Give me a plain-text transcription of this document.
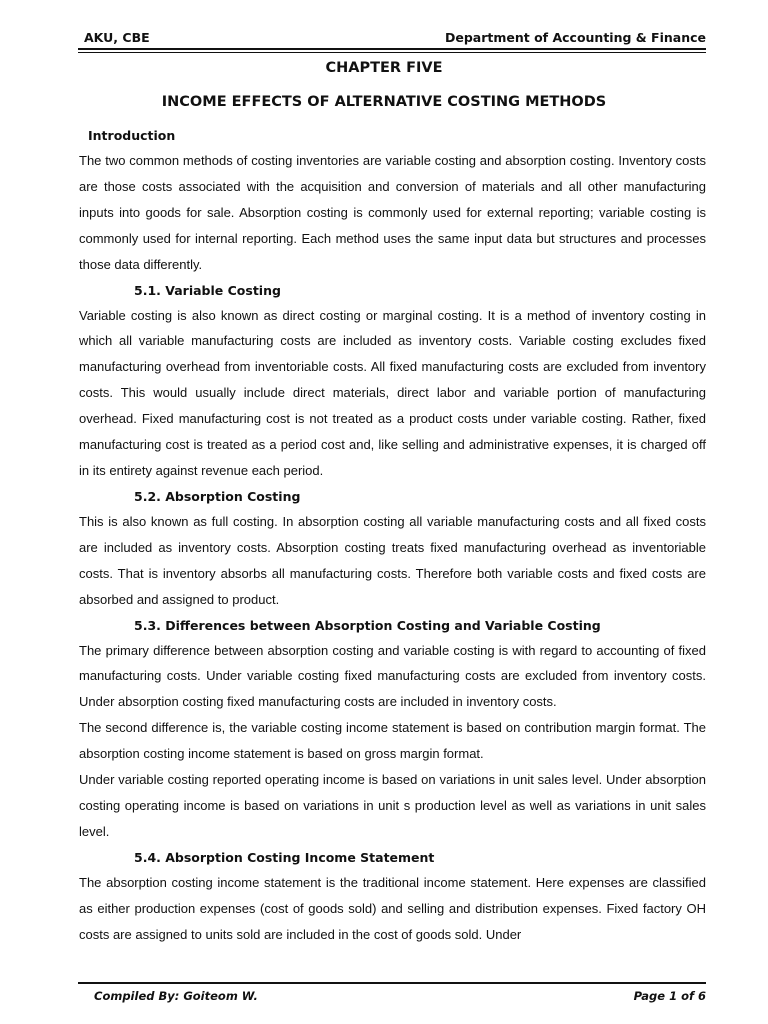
AKU, CBE	Department of Accounting & Finance
CHAPTER FIVE
INCOME EFFECTS OF ALTERNATIVE COSTING METHODS
Introduction

The two common methods of costing inventories are variable costing and absorption costing. Inventory costs are those costs associated with the acquisition and conversion of materials and all other manufacturing inputs into goods for sale. Absorption costing is commonly used for external reporting; variable costing is commonly used for internal reporting. Each method uses the same input data but structures and processes those data differently.

5.1. Variable Costing

Variable costing is also known as direct costing or marginal costing. It is a method of inventory costing in which all variable manufacturing costs are included as inventory costs. Variable costing excludes fixed manufacturing overhead from inventoriable costs. All fixed manufacturing costs are excluded from inventory costs. This would usually include direct materials, direct labor and variable portion of manufacturing overhead. Fixed manufacturing cost is not treated as a product costs under variable costing. Rather, fixed manufacturing cost is treated as a period cost and, like selling and administrative expenses, it is charged off in its entirety against revenue each period.

5.2. Absorption Costing

This is also known as full costing. In absorption costing all variable manufacturing costs and all fixed costs are included as inventory costs. Absorption costing treats fixed manufacturing overhead as inventoriable costs. That is inventory absorbs all manufacturing costs. Therefore both variable costs and fixed costs are absorbed and assigned to product.

5.3. Differences between Absorption Costing and Variable Costing

The primary difference between absorption costing and variable costing is with regard to accounting of fixed manufacturing costs. Under variable costing fixed manufacturing costs are excluded from inventory costs. Under absorption costing fixed manufacturing costs are included in inventory costs.

The second difference is, the variable costing income statement is based on contribution margin format. The absorption costing income statement is based on gross margin format.

Under variable costing reported operating income is based on variations in unit sales level. Under absorption costing operating income is based on variations in unit s production level as well as variations in unit sales level.

5.4. Absorption Costing Income Statement

The absorption costing income statement is the traditional income statement. Here expenses are classified as either production expenses (cost of goods sold) and selling and distribution expenses. Fixed factory OH costs are assigned to units sold are included in the cost of goods sold. Under

Compiled By: Goiteom W.	Page 1 of 6
